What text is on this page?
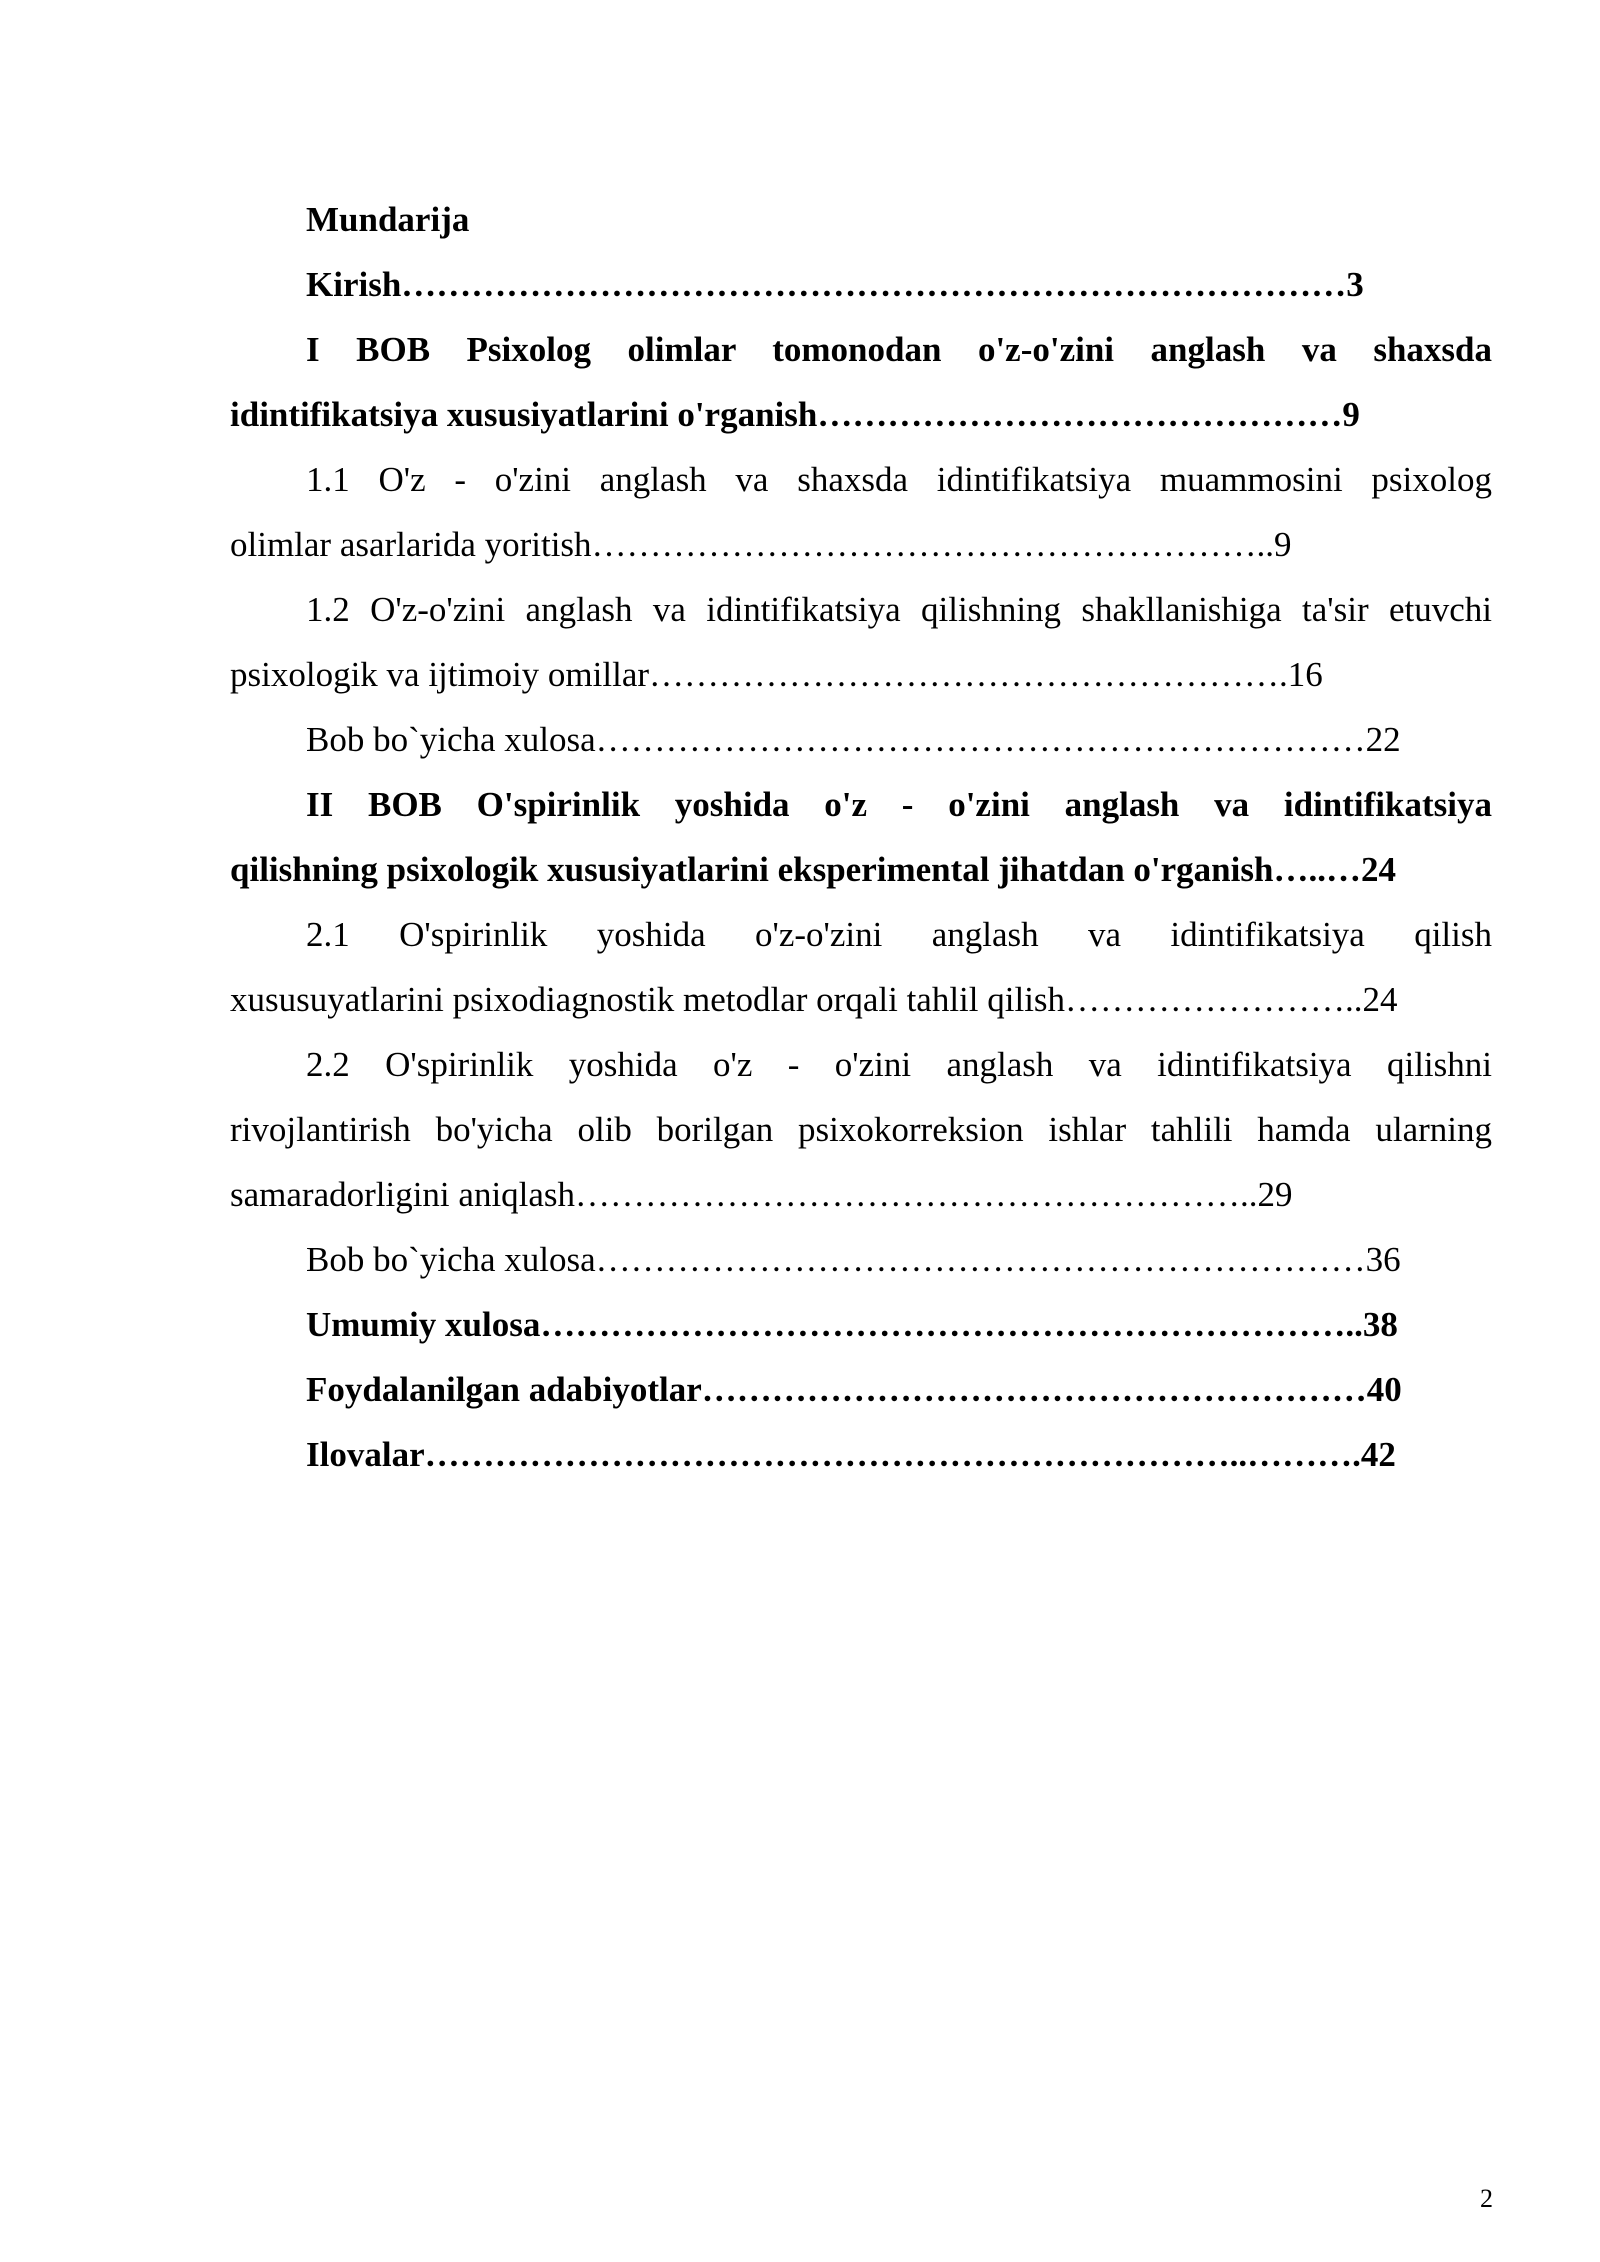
Mundarija
Kirish………………………………………………………………………3
I BOB Psixolog olimlar tomonodan o'z-o'zini anglash va shaxsda
idintifikatsiya xususiyatlarini o'rganish………………………………………9
1.1 O'z - o'zini anglash va shaxsda idintifikatsiya muammosini psixolog
olimlar asarlarida yoritish…………………………………………………..9
1.2 O'z-o'zini anglash va idintifikatsiya qilishning shakllanishiga ta'sir etuvchi
psixologik va ijtimoiy omillar……………………………………………….16
Bob bo`yicha xulosa…………………………………………………………22
II BOB O'spirinlik yoshida o'z - o'zini anglash va idintifikatsiya
qilishning psixologik xususiyatlarini eksperimental jihatdan o'rganish…..…24
2.1 O'spirinlik yoshida o'z-o'zini anglash va idintifikatsiya qilish
xususuyatlarini psixodiagnostik metodlar orqali tahlil qilish……………………..24
2.2 O'spirinlik yoshida o'z - o'zini anglash va idintifikatsiya qilishni
rivojlantirish bo'yicha olib borilgan psixokorreksion ishlar tahlili hamda ularning
samaradorligini aniqlash…………………………………………………..29
Bob bo`yicha xulosa…………………………………………………………36
Umumiy xulosa……………………………………………………………..38
Foydalanilgan adabiyotlar…………………………………………………40
Ilovalar……………………………………………………………..……….42
2
